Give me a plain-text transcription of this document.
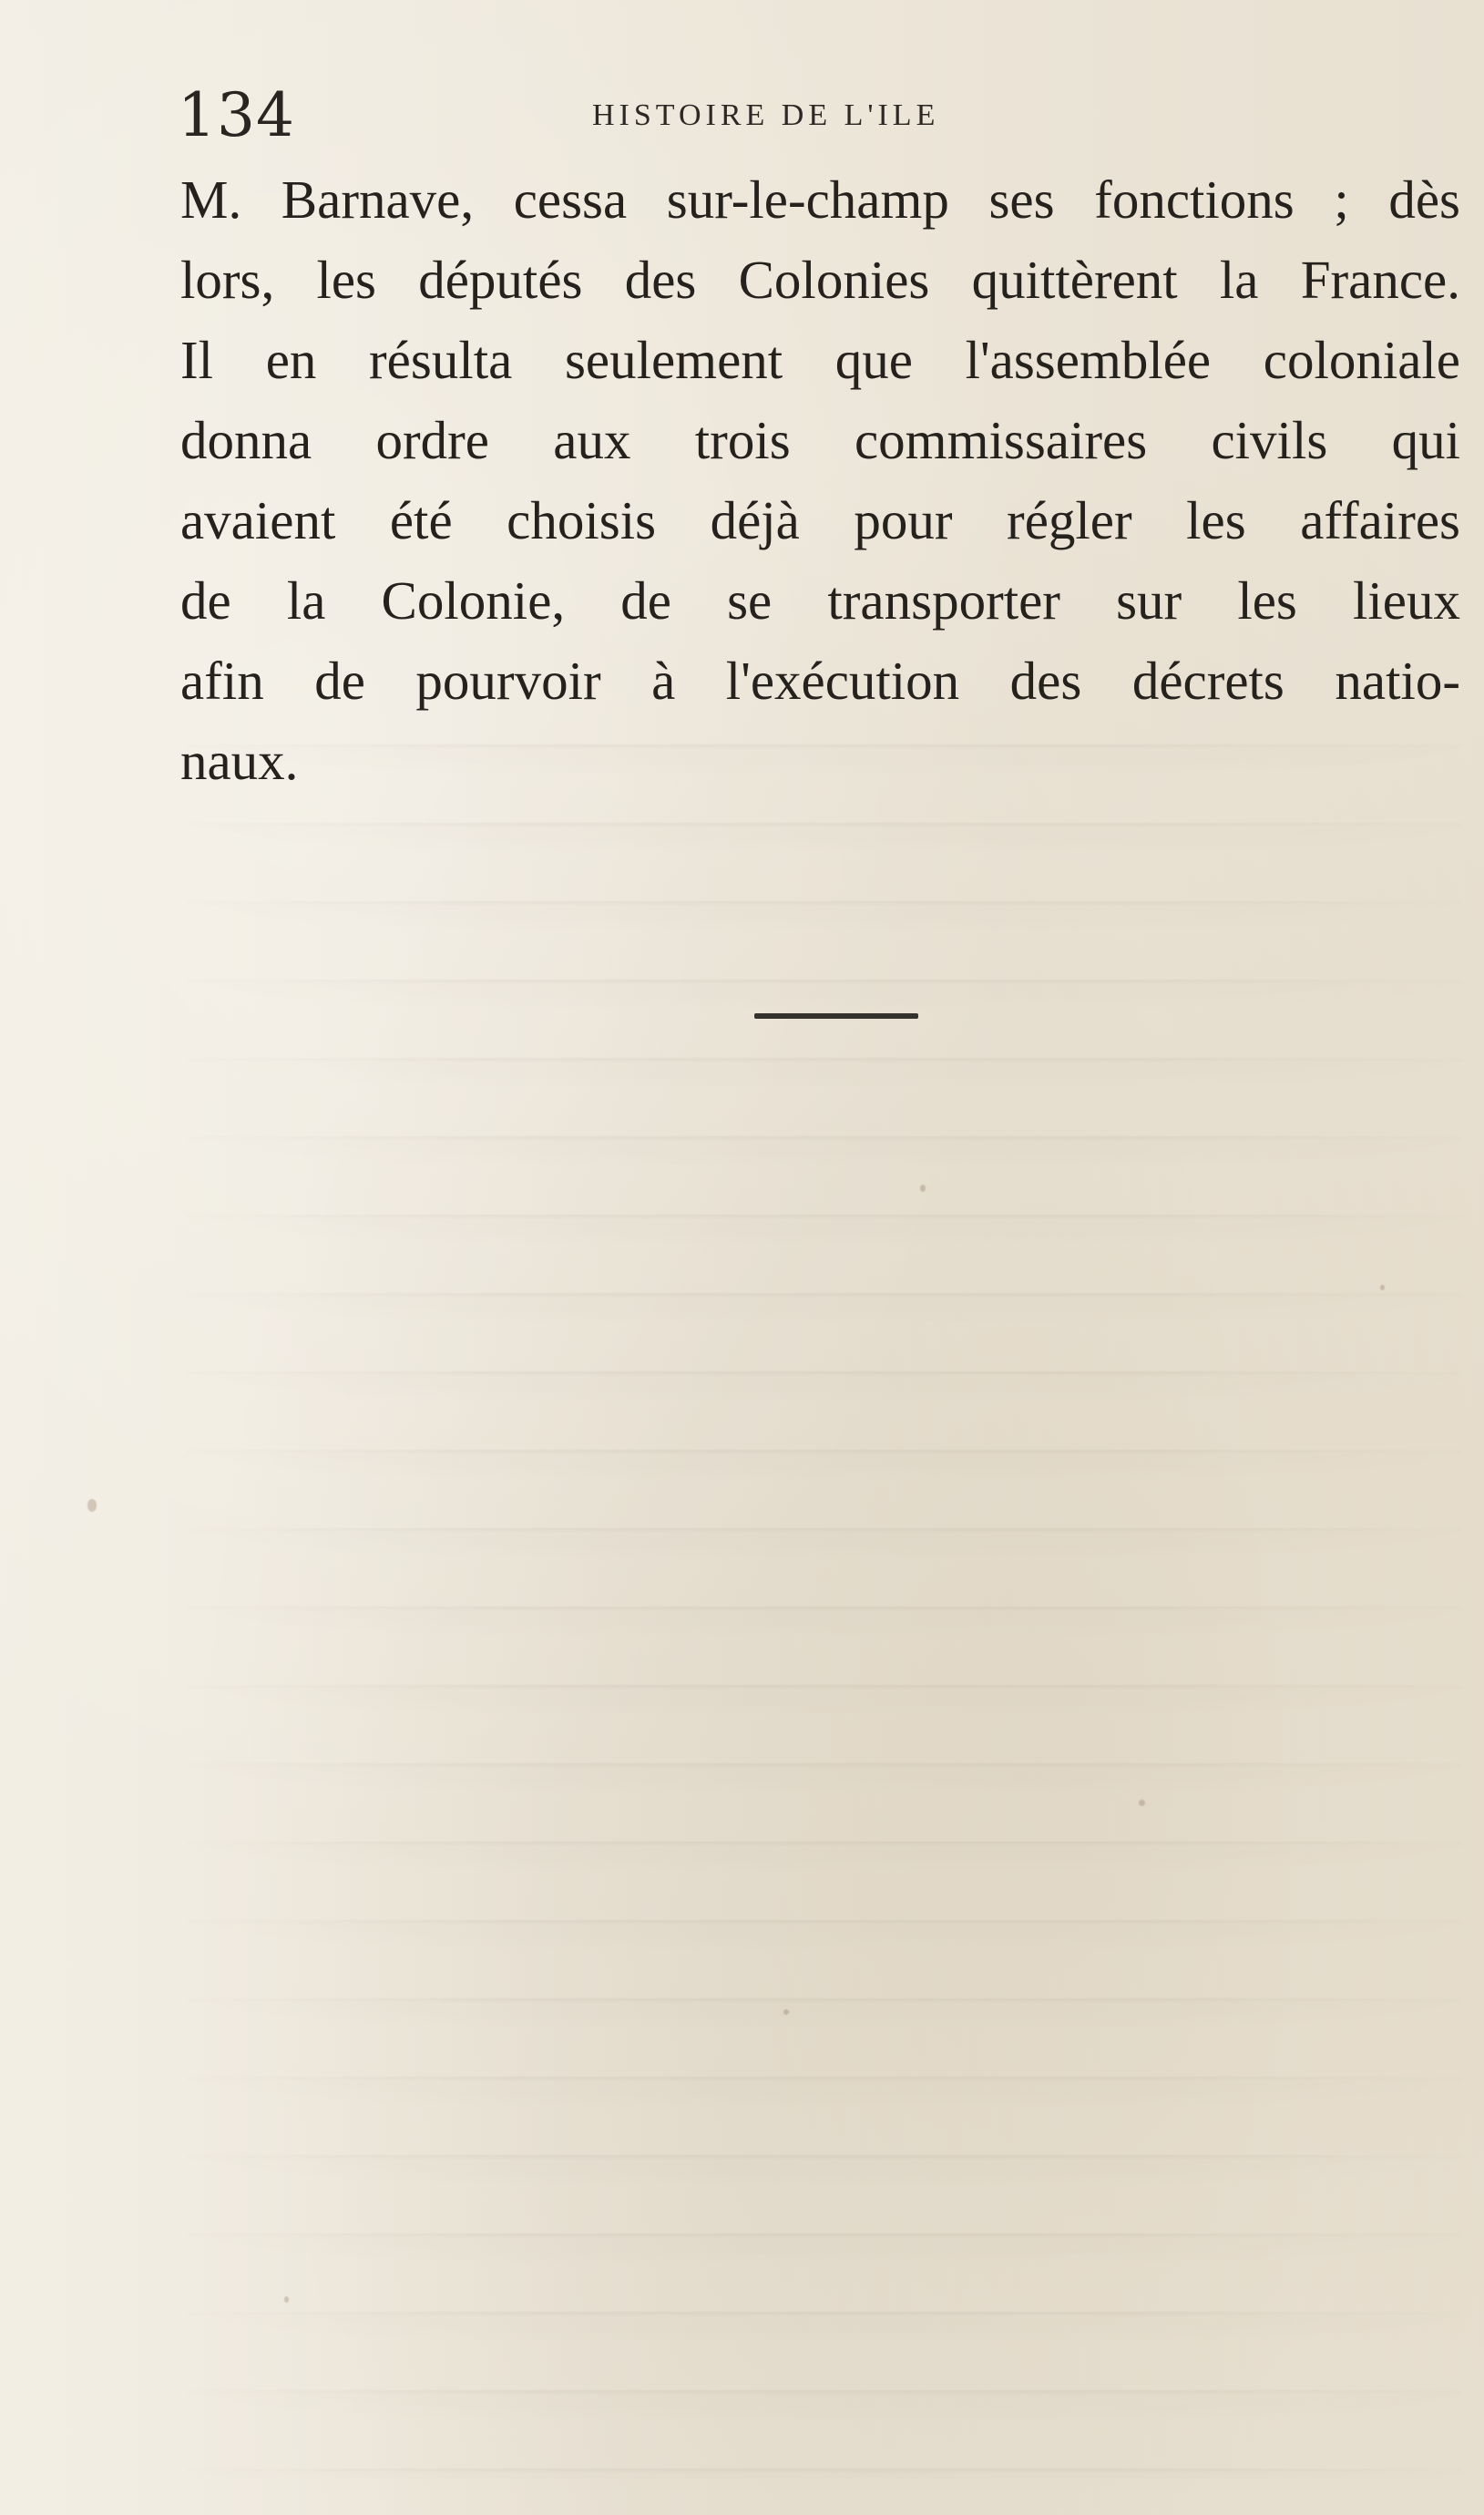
134	HISTOIRE DE L'ILE
M. Barnave, cessa sur-le-champ ses fonctions ; dès
lors, les députés des Colonies quittèrent la France.
Il en résulta seulement que l'assemblée coloniale
donna ordre aux trois commissaires civils qui
avaient été choisis déjà pour régler les affaires
de la Colonie, de se transporter sur les lieux
afin de pourvoir à l'exécution des décrets natio-
naux.
